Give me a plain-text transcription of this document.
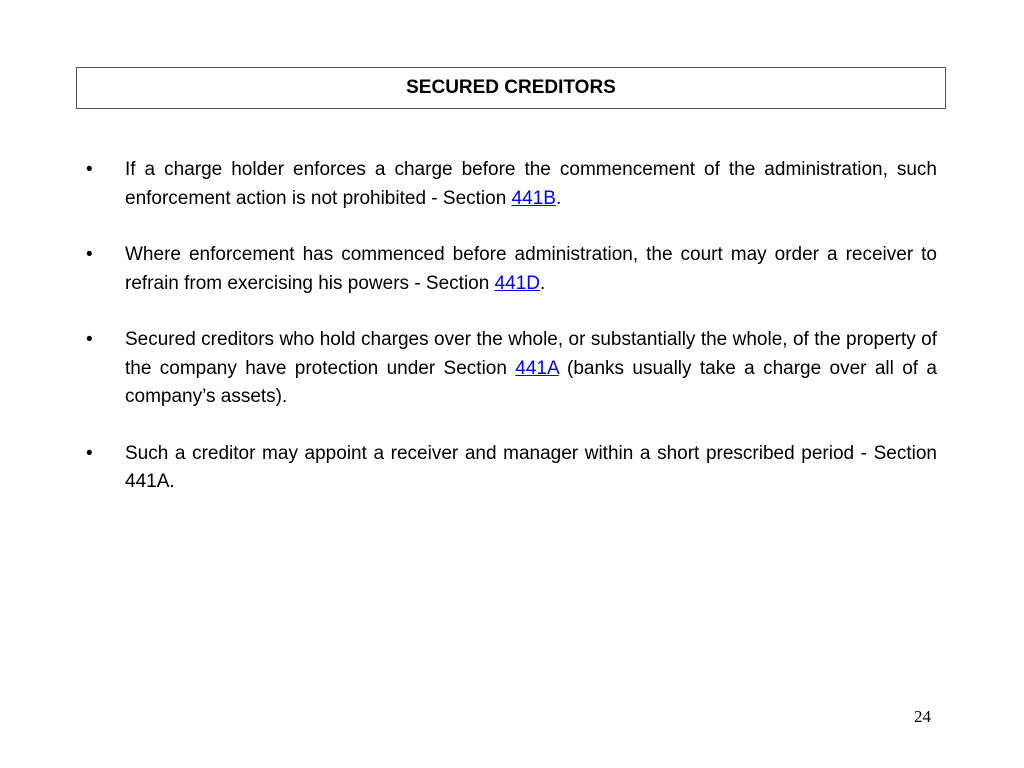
SECURED CREDITORS
• If a charge holder enforces a charge before the commencement of the administration, such enforcement action is not prohibited - Section 441B.
• Where enforcement has commenced before administration, the court may order a receiver to refrain from exercising his powers - Section 441D.
• Secured creditors who hold charges over the whole, or substantially the whole, of the property of the company have protection under Section 441A (banks usually take a charge over all of a company’s assets).
• Such a creditor may appoint a receiver and manager within a short prescribed period - Section 441A.
24
